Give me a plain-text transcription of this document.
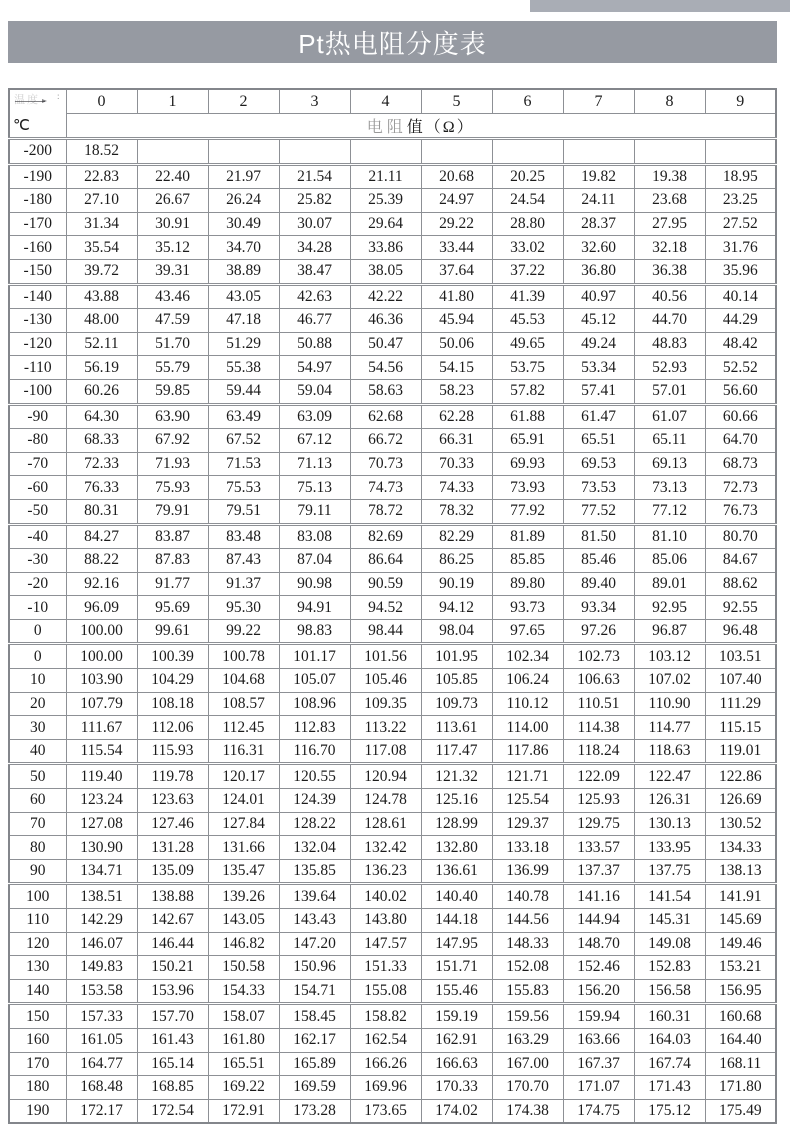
Pt热电阻分度表
温度 :
℃	0	1	2	3	4	5	6	7	8	9
	电阻值（Ω）									
-200	18.52									
-190	22.83	22.40	21.97	21.54	21.11	20.68	20.25	19.82	19.38	18.95
-180	27.10	26.67	26.24	25.82	25.39	24.97	24.54	24.11	23.68	23.25
-170	31.34	30.91	30.49	30.07	29.64	29.22	28.80	28.37	27.95	27.52
-160	35.54	35.12	34.70	34.28	33.86	33.44	33.02	32.60	32.18	31.76
-150	39.72	39.31	38.89	38.47	38.05	37.64	37.22	36.80	36.38	35.96
-140	43.88	43.46	43.05	42.63	42.22	41.80	41.39	40.97	40.56	40.14
-130	48.00	47.59	47.18	46.77	46.36	45.94	45.53	45.12	44.70	44.29
-120	52.11	51.70	51.29	50.88	50.47	50.06	49.65	49.24	48.83	48.42
-110	56.19	55.79	55.38	54.97	54.56	54.15	53.75	53.34	52.93	52.52
-100	60.26	59.85	59.44	59.04	58.63	58.23	57.82	57.41	57.01	56.60
-90	64.30	63.90	63.49	63.09	62.68	62.28	61.88	61.47	61.07	60.66
-80	68.33	67.92	67.52	67.12	66.72	66.31	65.91	65.51	65.11	64.70
-70	72.33	71.93	71.53	71.13	70.73	70.33	69.93	69.53	69.13	68.73
-60	76.33	75.93	75.53	75.13	74.73	74.33	73.93	73.53	73.13	72.73
-50	80.31	79.91	79.51	79.11	78.72	78.32	77.92	77.52	77.12	76.73
-40	84.27	83.87	83.48	83.08	82.69	82.29	81.89	81.50	81.10	80.70
-30	88.22	87.83	87.43	87.04	86.64	86.25	85.85	85.46	85.06	84.67
-20	92.16	91.77	91.37	90.98	90.59	90.19	89.80	89.40	89.01	88.62
-10	96.09	95.69	95.30	94.91	94.52	94.12	93.73	93.34	92.95	92.55
0	100.00	99.61	99.22	98.83	98.44	98.04	97.65	97.26	96.87	96.48
0	100.00	100.39	100.78	101.17	101.56	101.95	102.34	102.73	103.12	103.51
10	103.90	104.29	104.68	105.07	105.46	105.85	106.24	106.63	107.02	107.40
20	107.79	108.18	108.57	108.96	109.35	109.73	110.12	110.51	110.90	111.29
30	111.67	112.06	112.45	112.83	113.22	113.61	114.00	114.38	114.77	115.15
40	115.54	115.93	116.31	116.70	117.08	117.47	117.86	118.24	118.63	119.01
50	119.40	119.78	120.17	120.55	120.94	121.32	121.71	122.09	122.47	122.86
60	123.24	123.63	124.01	124.39	124.78	125.16	125.54	125.93	126.31	126.69
70	127.08	127.46	127.84	128.22	128.61	128.99	129.37	129.75	130.13	130.52
80	130.90	131.28	131.66	132.04	132.42	132.80	133.18	133.57	133.95	134.33
90	134.71	135.09	135.47	135.85	136.23	136.61	136.99	137.37	137.75	138.13
100	138.51	138.88	139.26	139.64	140.02	140.40	140.78	141.16	141.54	141.91
110	142.29	142.67	143.05	143.43	143.80	144.18	144.56	144.94	145.31	145.69
120	146.07	146.44	146.82	147.20	147.57	147.95	148.33	148.70	149.08	149.46
130	149.83	150.21	150.58	150.96	151.33	151.71	152.08	152.46	152.83	153.21
140	153.58	153.96	154.33	154.71	155.08	155.46	155.83	156.20	156.58	156.95
150	157.33	157.70	158.07	158.45	158.82	159.19	159.56	159.94	160.31	160.68
160	161.05	161.43	161.80	162.17	162.54	162.91	163.29	163.66	164.03	164.40
170	164.77	165.14	165.51	165.89	166.26	166.63	167.00	167.37	167.74	168.11
180	168.48	168.85	169.22	169.59	169.96	170.33	170.70	171.07	171.43	171.80
190	172.17	172.54	172.91	173.28	173.65	174.02	174.38	174.75	175.12	175.49
